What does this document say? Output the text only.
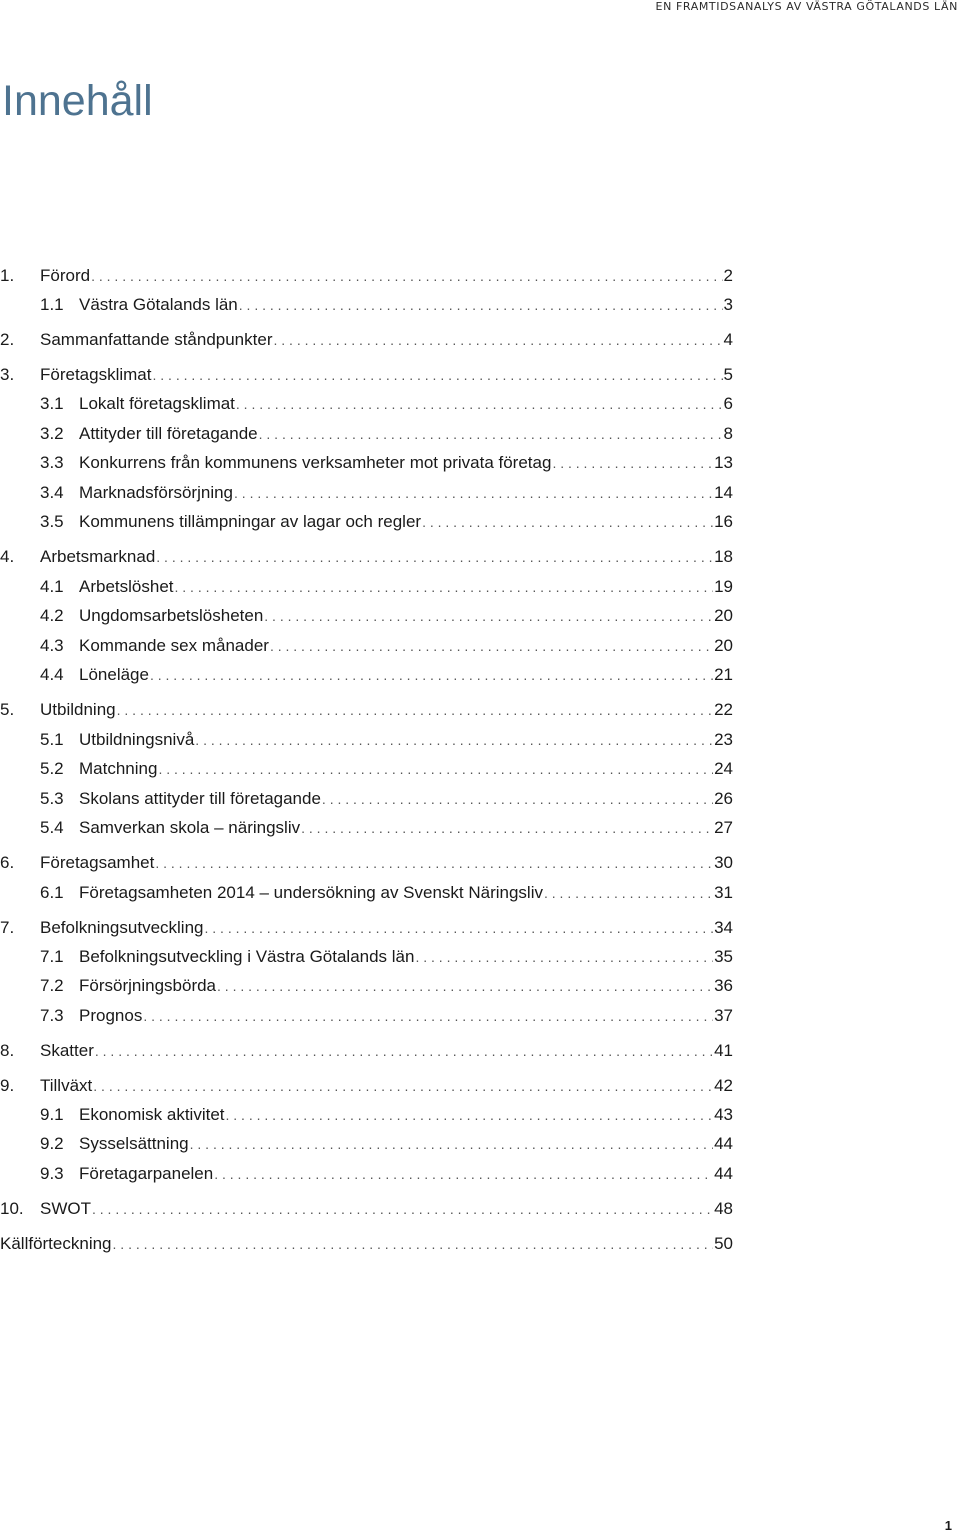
EN FRAMTIDSANALYS AV VÄSTRA GÖTALANDS LÄN
Innehåll
1.	Förord . . .	2
1.1 Västra Götalands län . . .	3
2.	Sammanfattande ståndpunkter . . .	4
3.	Företagsklimat . . .	5
3.1 Lokalt företagsklimat . . .	6
3.2 Attityder till företagande . . .	8
3.3 Konkurrens från kommunens verksamheter mot privata företag . . .	13
3.4 Marknadsförsörjning . . .	14
3.5 Kommunens tillämpningar av lagar och regler . . .	16
4.	Arbetsmarknad . . .	18
4.1 Arbetslöshet . . .	19
4.2 Ungdomsarbetslösheten . . .	20
4.3 Kommande sex månader . . .	20
4.4 Löneläge . . .	21
5.	Utbildning . . .	22
5.1 Utbildningsnivå . . .	23
5.2 Matchning . . .	24
5.3 Skolans attityder till företagande . . .	26
5.4 Samverkan skola – näringsliv . . .	27
6.	Företagsamhet . . .	30
6.1 Företagsamheten 2014 – undersökning av Svenskt Näringsliv . . .	31
7.	Befolkningsutveckling . . .	34
7.1 Befolkningsutveckling i Västra Götalands län . . .	35
7.2 Försörjningsbörda . . .	36
7.3 Prognos . . .	37
8.	Skatter . . .	41
9.	Tillväxt . . .	42
9.1 Ekonomisk aktivitet . . .	43
9.2 Sysselsättning . . .	44
9.3 Företagarpanelen . . .	44
10. SWOT . . .	48
Källförteckning . . .	50
1
